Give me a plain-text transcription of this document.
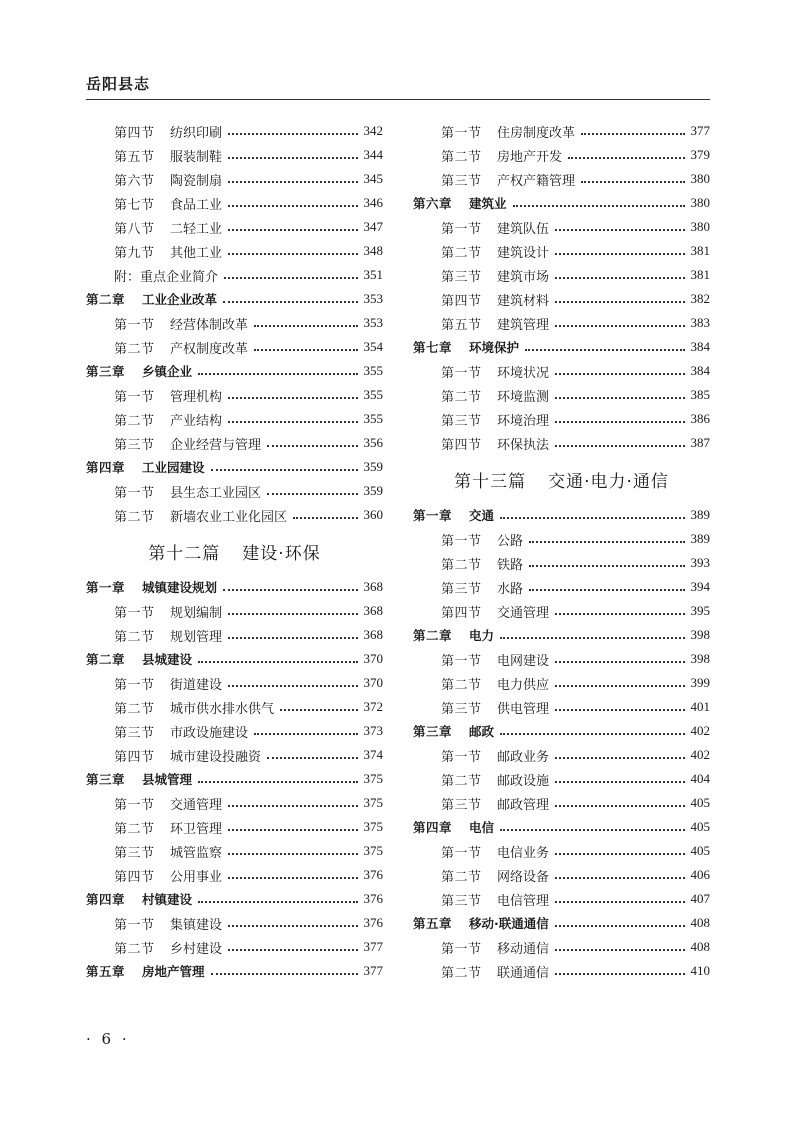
岳阳县志
第四节	纺织印刷	342
第五节	服装制鞋	344
第六节	陶瓷制扇	345
第七节	食品工业	346
第八节	二轻工业	347
第九节	其他工业	348
附：重点企业简介	351
第二章	工业企业改革	353
第一节	经营体制改革	353
第二节	产权制度改革	354
第三章	乡镇企业	355
第一节	管理机构	355
第二节	产业结构	355
第三节	企业经营与管理	356
第四章	工业园建设	359
第一节	县生态工业园区	359
第二节	新墙农业工业化园区	360
第十二篇 建设·环保
第一章	城镇建设规划	368
第一节	规划编制	368
第二节	规划管理	368
第二章	县城建设	370
第一节	街道建设	370
第二节	城市供水排水供气	372
第三节	市政设施建设	373
第四节	城市建设投融资	374
第三章	县城管理	375
第一节	交通管理	375
第二节	环卫管理	375
第三节	城管监察	375
第四节	公用事业	376
第四章	村镇建设	376
第一节	集镇建设	376
第二节	乡村建设	377
第五章	房地产管理	377
第一节	住房制度改革	377
第二节	房地产开发	379
第三节	产权产籍管理	380
第六章	建筑业	380
第一节	建筑队伍	380
第二节	建筑设计	381
第三节	建筑市场	381
第四节	建筑材料	382
第五节	建筑管理	383
第七章	环境保护	384
第一节	环境状况	384
第二节	环境监测	385
第三节	环境治理	386
第四节	环保执法	387
第十三篇 交通·电力·通信
第一章	交通	389
第一节	公路	389
第二节	铁路	393
第三节	水路	394
第四节	交通管理	395
第二章	电力	398
第一节	电网建设	398
第二节	电力供应	399
第三节	供电管理	401
第三章	邮政	402
第一节	邮政业务	402
第二节	邮政设施	404
第三节	邮政管理	405
第四章	电信	405
第一节	电信业务	405
第二节	网络设备	406
第三节	电信管理	407
第五章	移动·联通通信	408
第一节	移动通信	408
第二节	联通通信	410
· 6 ·
